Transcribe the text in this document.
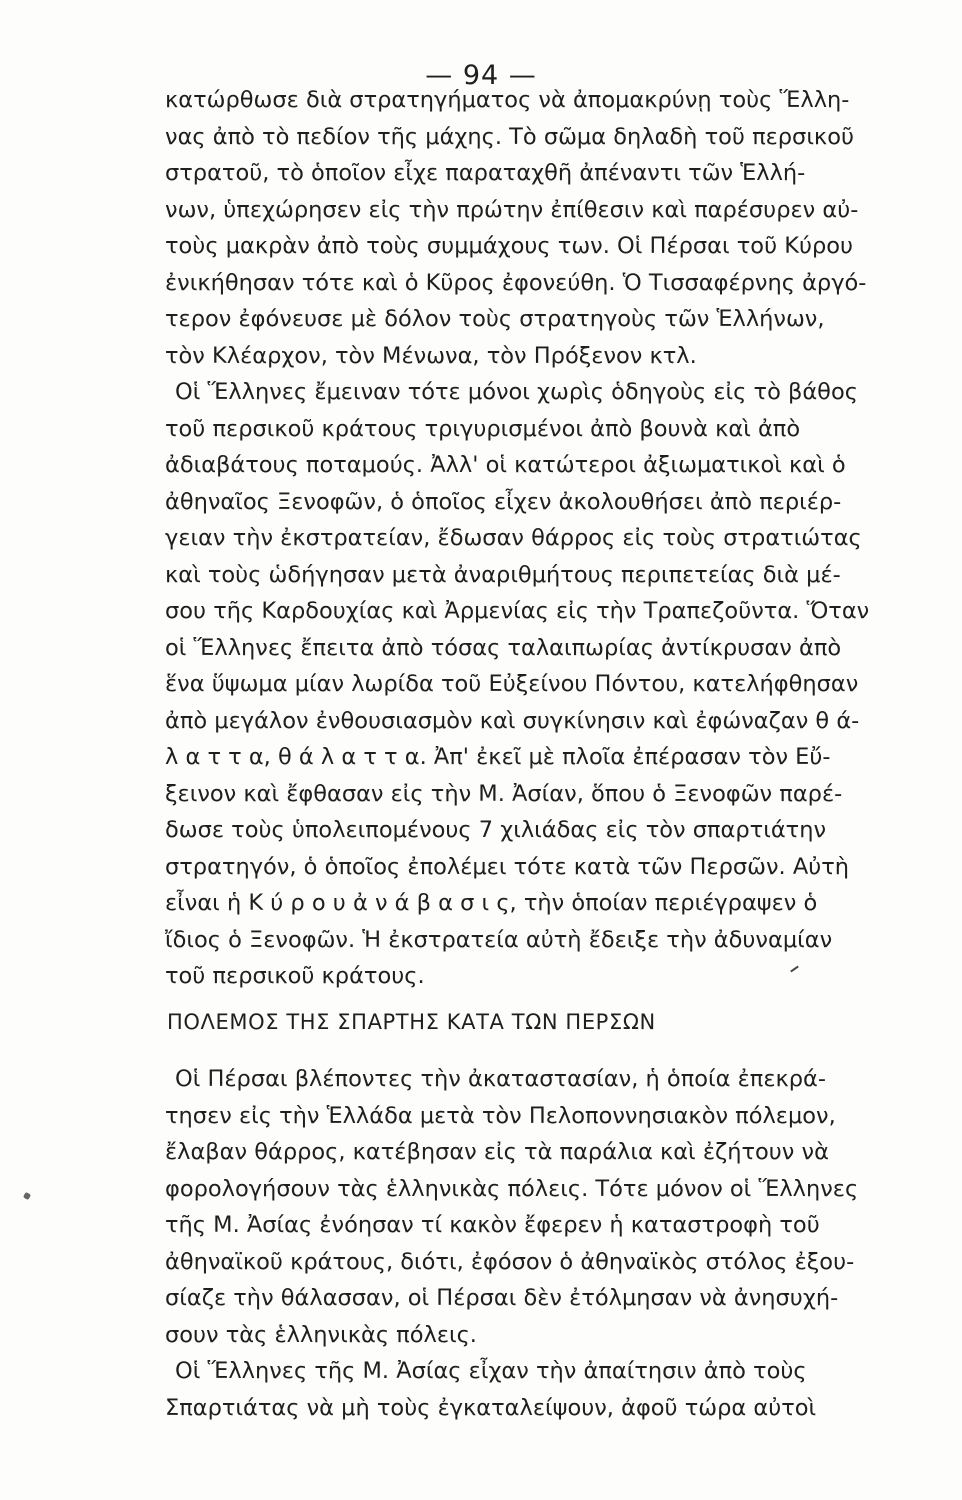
— 94 —
κατώρθωσε διὰ στρατηγήματος νὰ ἀπομακρύνῃ τοὺς Ἕλλη-
νας ἀπὸ τὸ πεδίον τῆς μάχης. Τὸ σῶμα δηλαδὴ τοῦ περσικοῦ
στρατοῦ, τὸ ὁποῖον εἶχε παραταχθῆ ἀπέναντι τῶν Ἑλλή-
νων, ὑπεχώρησεν εἰς τὴν πρώτην ἐπίθεσιν καὶ παρέσυρεν αὐ-
τοὺς μακρὰν ἀπὸ τοὺς συμμάχους των. Οἱ Πέρσαι τοῦ Κύρου
ἐνικήθησαν τότε καὶ ὁ Κῦρος ἐφονεύθη. Ὁ Τισσαφέρνης ἀργό-
τερον ἐφόνευσε μὲ δόλον τοὺς στρατηγοὺς τῶν Ἑλλήνων,
τὸν Κλέαρχον, τὸν Μένωνα, τὸν Πρόξενον κτλ.
Οἱ Ἕλληνες ἔμειναν τότε μόνοι χωρὶς ὁδηγοὺς εἰς τὸ βάθος
τοῦ περσικοῦ κράτους τριγυρισμένοι ἀπὸ βουνὰ καὶ ἀπὸ
ἀδιαβάτους ποταμούς. Ἀλλ' οἱ κατώτεροι ἀξιωματικοὶ καὶ ὁ
ἀθηναῖος Ξενοφῶν, ὁ ὁποῖος εἶχεν ἀκολουθήσει ἀπὸ περιέρ-
γειαν τὴν ἐκστρατείαν, ἔδωσαν θάρρος εἰς τοὺς στρατιώτας
καὶ τοὺς ὡδήγησαν μετὰ ἀναριθμήτους περιπετείας διὰ μέ-
σου τῆς Καρδουχίας καὶ Ἀρμενίας εἰς τὴν Τραπεζοῦντα. Ὅταν
οἱ Ἕλληνες ἔπειτα ἀπὸ τόσας ταλαιπωρίας ἀντίκρυσαν ἀπὸ
ἕνα ὕψωμα μίαν λωρίδα τοῦ Εὐξείνου Πόντου, κατελήφθησαν
ἀπὸ μεγάλον ἐνθουσιασμὸν καὶ συγκίνησιν καὶ ἐφώναζαν θ ά-
λ α τ τ α, θ ά λ α τ τ α. Ἀπ' ἐκεῖ μὲ πλοῖα ἐπέρασαν τὸν Εὔ-
ξεινον καὶ ἔφθασαν εἰς τὴν Μ. Ἀσίαν, ὅπου ὁ Ξενοφῶν παρέ-
δωσε τοὺς ὑπολειπομένους 7 χιλιάδας εἰς τὸν σπαρτιάτην
στρατηγόν, ὁ ὁποῖος ἐπολέμει τότε κατὰ τῶν Περσῶν. Αὐτὴ
εἶναι ἡ Κ ύ ρ ο υ ἀ ν ά β α σ ι ς, τὴν ὁποίαν περιέγραψεν ὁ
ἴδιος ὁ Ξενοφῶν. Ἡ ἐκστρατεία αὐτὴ ἔδειξε τὴν ἀδυναμίαν
τοῦ περσικοῦ κράτους.
ΠΟΛΕΜΟΣ ΤΗΣ ΣΠΑΡΤΗΣ ΚΑΤΑ ΤΩΝ ΠΕΡΣΩΝ
Οἱ Πέρσαι βλέποντες τὴν ἀκαταστασίαν, ἡ ὁποία ἐπεκρά-
τησεν εἰς τὴν Ἑλλάδα μετὰ τὸν Πελοποννησιακὸν πόλεμον,
ἔλαβαν θάρρος, κατέβησαν εἰς τὰ παράλια καὶ ἐζήτουν νὰ
φορολογήσουν τὰς ἑλληνικὰς πόλεις. Τότε μόνον οἱ Ἕλληνες
τῆς Μ. Ἀσίας ἐνόησαν τί κακὸν ἔφερεν ἡ καταστροφὴ τοῦ
ἀθηναϊκοῦ κράτους, διότι, ἐφόσον ὁ ἀθηναϊκὸς στόλος ἐξου-
σίαζε τὴν θάλασσαν, οἱ Πέρσαι δὲν ἐτόλμησαν νὰ ἀνησυχή-
σουν τὰς ἑλληνικὰς πόλεις.
Οἱ Ἕλληνες τῆς Μ. Ἀσίας εἶχαν τὴν ἀπαίτησιν ἀπὸ τοὺς
Σπαρτιάτας νὰ μὴ τοὺς ἐγκαταλείψουν, ἀφοῦ τώρα αὐτοὶ
